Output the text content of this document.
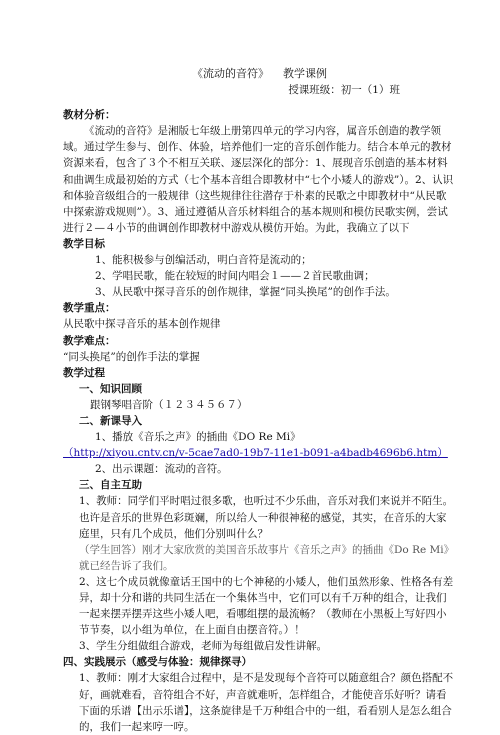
《流动的音符》 教学课例

授课班级：初一（1）班

教材分析：

《流动的音符》是湘版七年级上册第四单元的学习内容，属音乐创造的教学领域。通过学生参与、创作、体验，培养他们一定的音乐创作能力。结合本单元的教材资源来看，包含了３个不相互关联、逐层深化的部分：1、展现音乐创造的基本材料和曲调生成最初始的方式（七个基本音组合即教材中“七个小矮人的游戏”）。2、认识和体验音级组合的一般规律（这些规律往往潜存于朴素的民歌之中即教材中“从民歌中探索游戏规则”）。3、通过遵循从音乐材料组合的基本规则和模仿民歌实例，尝试进行２—４小节的曲调创作即教材中游戏从模仿开始。为此，我确立了以下

教学目标

1、能积极参与创编活动，明白音符是流动的；

2、学唱民歌，能在较短的时间内唱会１——２首民歌曲调；

3、从民歌中探寻音乐的创作规律，掌握“同头换尾”的创作手法。

教学重点：

从民歌中探寻音乐的基本创作规律

教学难点：

“同头换尾”的创作手法的掌握

教学过程

一、知识回顾

跟钢琴唱音阶（１２３４５６７）

二、新课导入

1、播放《音乐之声》的插曲《DO Re Mi》

（http://xiyou.cntv.cn/v-5cae7ad0-19b7-11e1-b091-a4badb4696b6.htm）

2、出示课题：流动的音符。

三、自主互助

1、教师：同学们平时唱过很多歌，也听过不少乐曲，音乐对我们来说并不陌生。也许是音乐的世界色彩斑斓，所以给人一种很神秘的感觉，其实，在音乐的大家庭里，只有几个成员，他们分别叫什么？

（学生回答）刚才大家欣赏的美国音乐故事片《音乐之声》的插曲《Do Re Mi》就已经告诉了我们。

2、这七个成员就像童话王国中的七个神秘的小矮人，他们虽然形象、性格各有差异，却十分和谐的共同生活在一个集体当中，它们可以有千万种的组合，让我们一起来摆弄摆弄这些小矮人吧，看哪组摆的最流畅？（教师在小黑板上写好四小节节奏，以小组为单位，在上面自由摆音符。）！

3、学生分组做组合游戏，老师为每组做启发性讲解。

四、实践展示（感受与体验：规律探寻）

1、教师：刚才大家组合过程中，是不是发现每个音符可以随意组合？颜色搭配不好，画就难看，音符组合不好，声音就难听，怎样组合，才能使音乐好听？请看下面的乐谱【出示乐谱】，这条旋律是千万种组合中的一组，看看别人是怎么组合的，我们一起来哼一哼。
